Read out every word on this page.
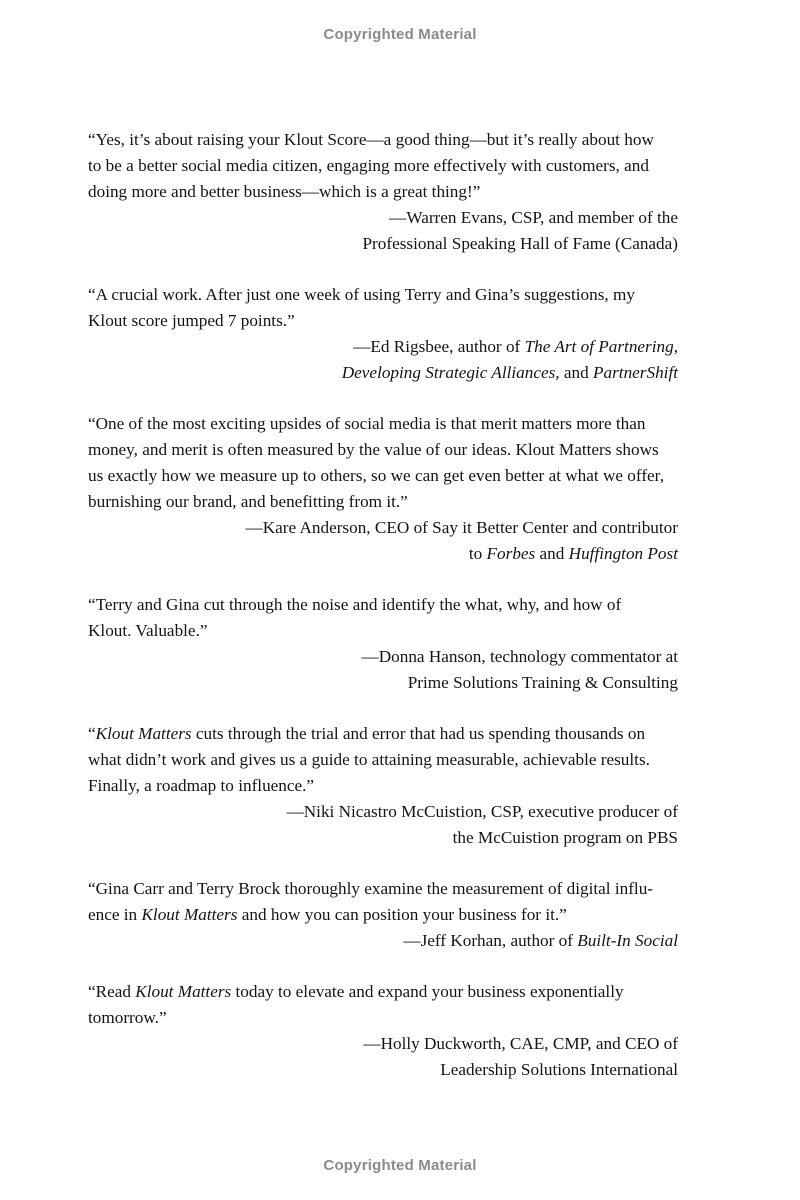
Copyrighted Material
“Yes, it’s about raising your Klout Score—a good thing—but it’s really about how
to be a better social media citizen, engaging more effectively with customers, and
doing more and better business—which is a great thing!”
—Warren Evans, CSP, and member of the
Professional Speaking Hall of Fame (Canada)
“A crucial work. After just one week of using Terry and Gina’s suggestions, my
Klout score jumped 7 points.”
—Ed Rigsbee, author of The Art of Partnering,
Developing Strategic Alliances, and PartnerShift
“One of the most exciting upsides of social media is that merit matters more than
money, and merit is often measured by the value of our ideas. Klout Matters shows
us exactly how we measure up to others, so we can get even better at what we offer,
burnishing our brand, and benefitting from it.”
—Kare Anderson, CEO of Say it Better Center and contributor
to Forbes and Huffington Post
“Terry and Gina cut through the noise and identify the what, why, and how of
Klout. Valuable.”
—Donna Hanson, technology commentator at
Prime Solutions Training & Consulting
“Klout Matters cuts through the trial and error that had us spending thousands on
what didn’t work and gives us a guide to attaining measurable, achievable results.
Finally, a roadmap to influence.”
—Niki Nicastro McCuistion, CSP, executive producer of
the McCuistion program on PBS
“Gina Carr and Terry Brock thoroughly examine the measurement of digital influ-
ence in Klout Matters and how you can position your business for it.”
—Jeff Korhan, author of Built-In Social
“Read Klout Matters today to elevate and expand your business exponentially
tomorrow.”
—Holly Duckworth, CAE, CMP, and CEO of
Leadership Solutions International
Copyrighted Material
